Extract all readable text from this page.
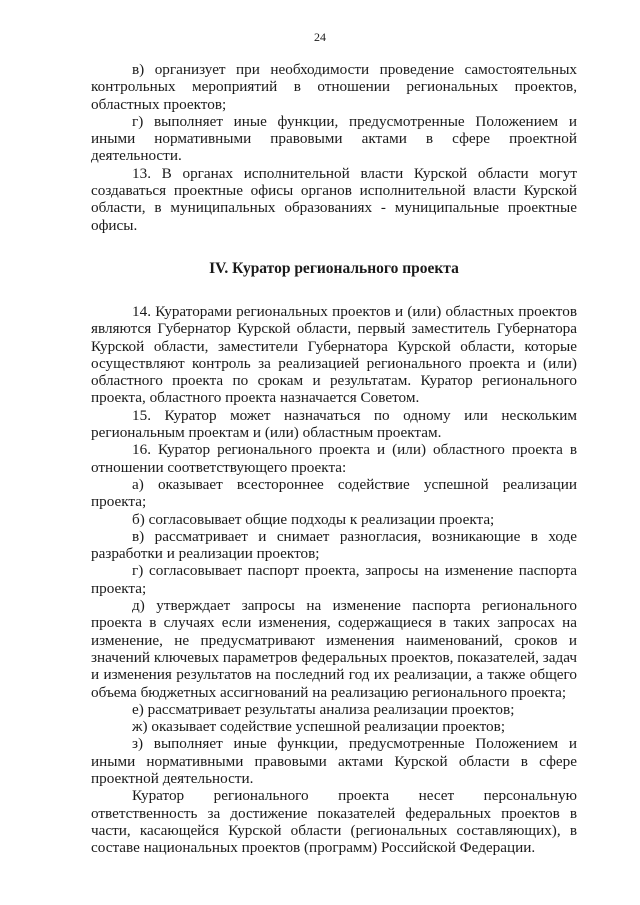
24

в) организует при необходимости проведение самостоятельных контрольных мероприятий в отношении региональных проектов, областных проектов;

г) выполняет иные функции, предусмотренные Положением и иными нормативными правовыми актами в сфере проектной деятельности.

13. В органах исполнительной власти Курской области могут создаваться проектные офисы органов исполнительной власти Курской области, в муниципальных образованиях - муниципальные проектные офисы.

IV. Куратор регионального проекта

14. Кураторами региональных проектов и (или) областных проектов являются Губернатор Курской области, первый заместитель Губернатора Курской области, заместители Губернатора Курской области, которые осуществляют контроль за реализацией регионального проекта и (или) областного проекта по срокам и результатам. Куратор регионального проекта, областного проекта назначается Советом.

15. Куратор может назначаться по одному или нескольким региональным проектам и (или) областным проектам.

16. Куратор регионального проекта и (или) областного проекта в отношении соответствующего проекта:

а) оказывает всестороннее содействие успешной реализации проекта;

б) согласовывает общие подходы к реализации проекта;

в) рассматривает и снимает разногласия, возникающие в ходе разработки и реализации проектов;

г) согласовывает паспорт проекта, запросы на изменение паспорта проекта;

д) утверждает запросы на изменение паспорта регионального проекта в случаях если изменения, содержащиеся в таких запросах на изменение, не предусматривают изменения наименований, сроков и значений ключевых параметров федеральных проектов, показателей, задач и изменения результатов на последний год их реализации, а также общего объема бюджетных ассигнований на реализацию регионального проекта;

е) рассматривает результаты анализа реализации проектов;

ж) оказывает содействие успешной реализации проектов;

з) выполняет иные функции, предусмотренные Положением и иными нормативными правовыми актами Курской области в сфере проектной деятельности.

Куратор регионального проекта несет персональную ответственность за достижение показателей федеральных проектов в части, касающейся Курской области (региональных составляющих), в составе национальных проектов (программ) Российской Федерации.
